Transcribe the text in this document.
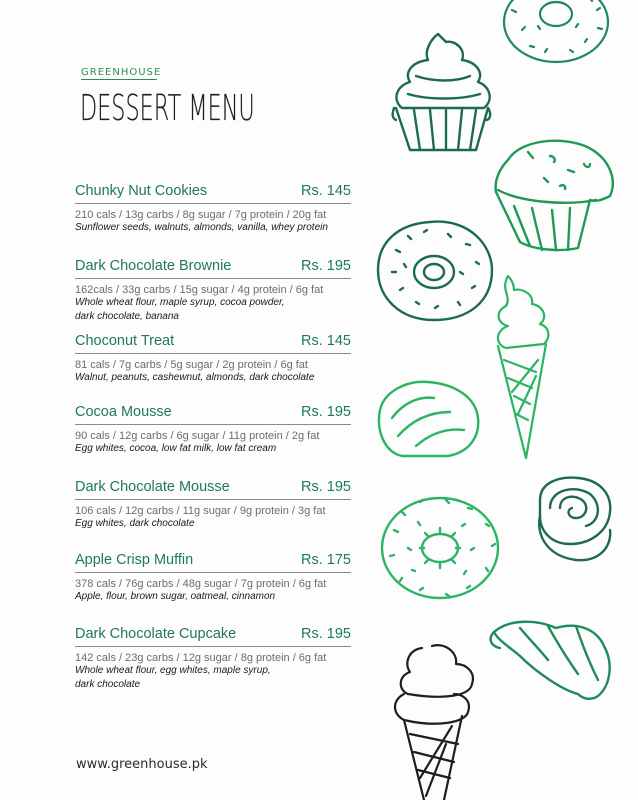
GREENHOUSE
DESSERT MENU
Chunky Nut Cookies	Rs. 145
210 cals / 13g carbs / 8g sugar / 7g protein / 20g fat
Sunflower seeds, walnuts, almonds, vanilla, whey protein
Dark Chocolate Brownie	Rs. 195
162cals / 33g carbs / 15g sugar / 4g protein / 6g fat
Whole wheat flour, maple syrup, cocoa powder,
dark chocolate, banana
Choconut Treat	Rs. 145
81 cals / 7g carbs / 5g sugar / 2g protein / 6g fat
Walnut, peanuts, cashewnut, almonds, dark chocolate
Cocoa Mousse	Rs. 195
90 cals / 12g carbs / 6g sugar / 11g protein / 2g fat
Egg whites, cocoa, low fat milk, low fat cream
Dark Chocolate Mousse	Rs. 195
106 cals / 12g carbs / 11g sugar / 9g protein / 3g fat
Egg whites, dark chocolate
Apple Crisp Muffin	Rs. 175
378 cals / 76g carbs / 48g sugar / 7g protein / 6g fat
Apple, flour, brown sugar, oatmeal, cinnamon
Dark Chocolate Cupcake	Rs. 195
142 cals / 23g carbs / 12g sugar / 8g protein / 6g fat
Whole wheat flour, egg whites, maple syrup,
dark chocolate
www.greenhouse.pk
